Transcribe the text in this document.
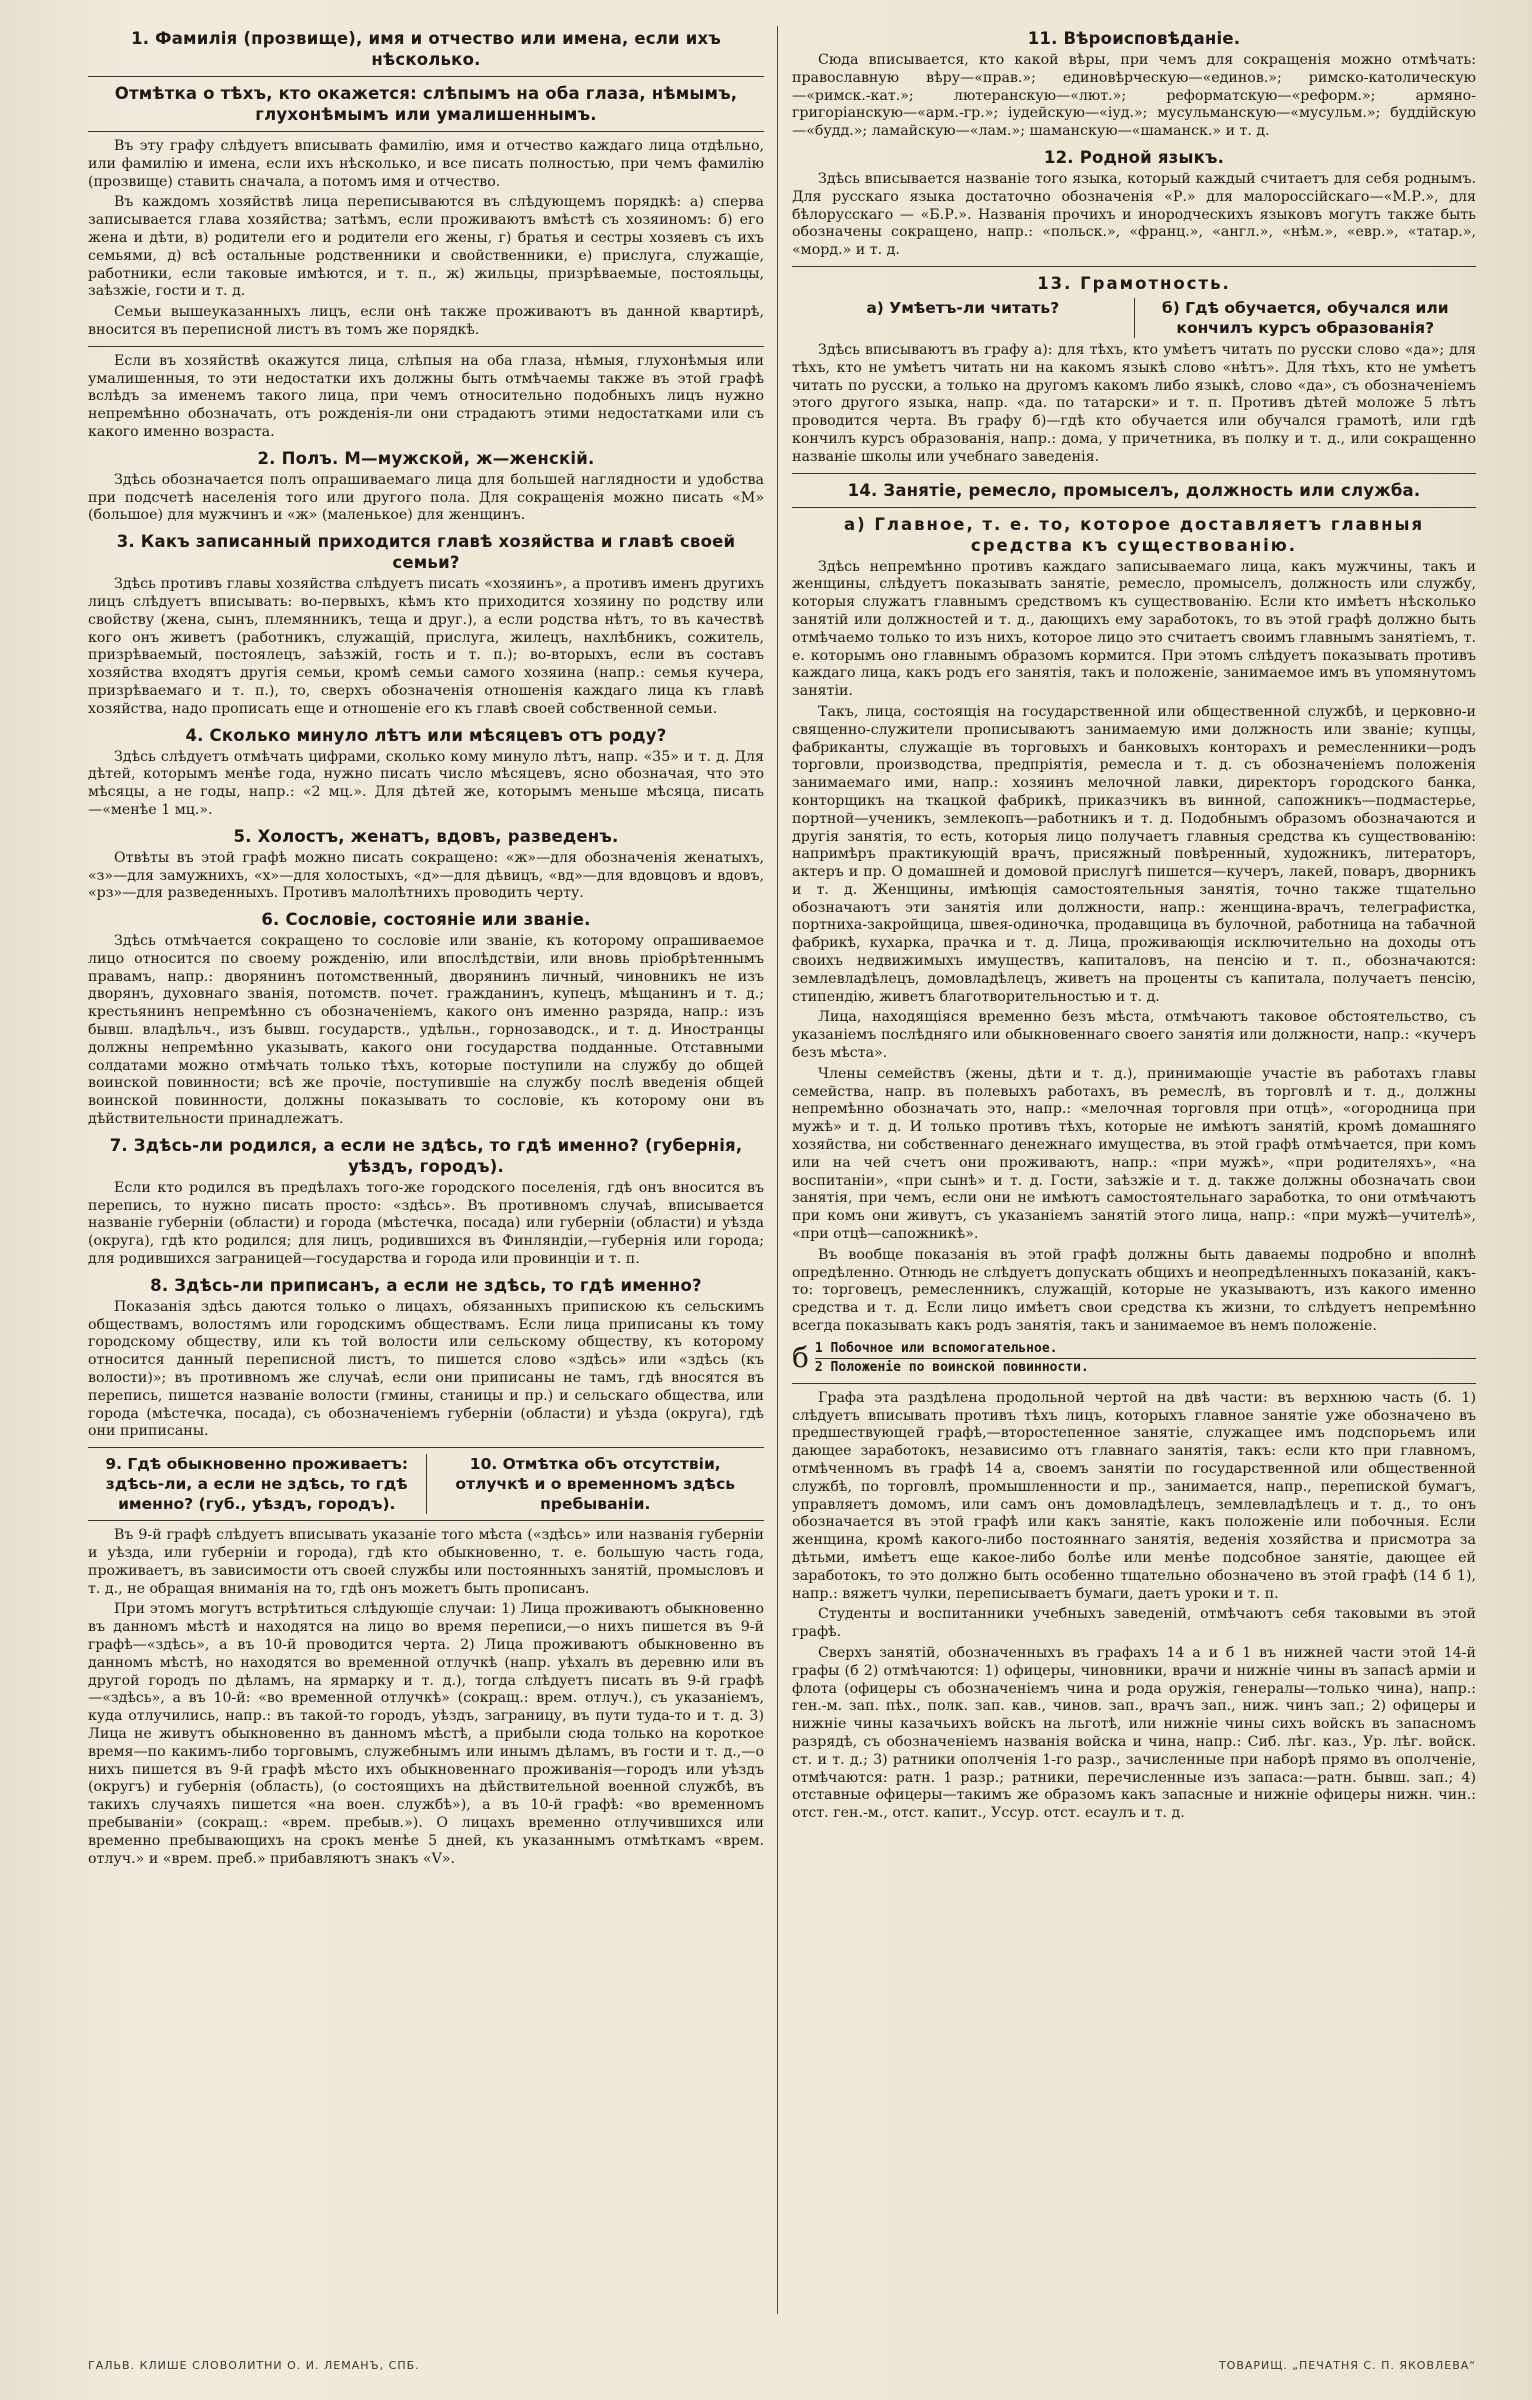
1. Фамилія (прозвище), имя и отчество или имена, если ихъ нѣсколько.
Отмѣтка о тѣхъ, кто окажется: слѣпымъ на оба глаза, нѣмымъ, глухонѣмымъ или умалишеннымъ.

Въ эту графу слѣдуетъ вписывать фамилію, имя и отчество каждаго лица отдѣльно, или фамилію и имена, если ихъ нѣсколько, и все писать полностью, при чемъ фамилію (прозвище) ставить сначала, а потомъ имя и отчество.

Въ каждомъ хозяйствѣ лица переписываются въ слѣдующемъ порядкѣ: а) сперва записывается глава хозяйства; затѣмъ, если проживаютъ вмѣстѣ съ хозяиномъ: б) его жена и дѣти, в) родители его и родители его жены, г) братья и сестры хозяевъ съ ихъ семьями, д) всѣ остальные родственники и свойственники, е) прислуга, служащіе, работники, если таковые имѣются, и т. п., ж) жильцы, призрѣваемые, постояльцы, заѣзжіе, гости и т. д.

Семьи вышеуказанныхъ лицъ, если онѣ также проживаютъ въ данной квартирѣ, вносится въ переписной листъ въ томъ же порядкѣ.

Если въ хозяйствѣ окажутся лица, слѣпыя на оба глаза, нѣмыя, глухонѣмыя или умалишенныя, то эти недостатки ихъ должны быть отмѣчаемы также въ этой графѣ вслѣдъ за именемъ такого лица, при чемъ относительно подобныхъ лицъ нужно непремѣнно обозначать, отъ рожденія-ли они страдаютъ этими недостатками или съ какого именно возраста.

2. Полъ. М—мужской, ж—женскій.

Здѣсь обозначается полъ опрашиваемаго лица для большей наглядности и удобства при подсчетѣ населенія того или другого пола. Для сокращенія можно писать «М» (большое) для мужчинъ и «ж» (маленькое) для женщинъ.

3. Какъ записанный приходится главѣ хозяйства и главѣ своей семьи?

Здѣсь противъ главы хозяйства слѣдуетъ писать «хозяинъ», а противъ именъ другихъ лицъ слѣдуетъ вписывать: во-первыхъ, кѣмъ кто приходится хозяину по родству или свойству (жена, сынъ, племянникъ, теща и друг.), а если родства нѣтъ, то въ качествѣ кого онъ живетъ (работникъ, служащій, прислуга, жилецъ, нахлѣбникъ, сожитель, призрѣваемый, постоялецъ, заѣзжій, гость и т. п.); во-вторыхъ, если въ составъ хозяйства входятъ другія семьи, кромѣ семьи самого хозяина (напр.: семья кучера, призрѣваемаго и т. п.), то, сверхъ обозначенія отношенія каждаго лица къ главѣ хозяйства, надо прописать еще и отношеніе его къ главѣ своей собственной семьи.

4. Сколько минуло лѣтъ или мѣсяцевъ отъ роду?

Здѣсь слѣдуетъ отмѣчать цифрами, сколько кому минуло лѣтъ, напр. «35» и т. д. Для дѣтей, которымъ менѣе года, нужно писать число мѣсяцевъ, ясно обозначая, что это мѣсяцы, а не годы, напр.: «2 мц.». Для дѣтей же, которымъ меньше мѣсяца, писать—«менѣе 1 мц.».

5. Холостъ, женатъ, вдовъ, разведенъ.

Отвѣты въ этой графѣ можно писать сокращено: «ж»—для обозначенія женатыхъ, «з»—для замужнихъ, «х»—для холостыхъ, «д»—для дѣвицъ, «вд»—для вдовцовъ и вдовъ, «рз»—для разведенныхъ. Противъ малолѣтнихъ проводить черту.

6. Сословіе, состояніе или званіе.

Здѣсь отмѣчается сокращено то сословіе или званіе, къ которому опрашиваемое лицо относится по своему рожденію, или впослѣдствіи, или вновь пріобрѣтеннымъ правамъ, напр.: дворянинъ потомственный, дворянинъ личный, чиновникъ не изъ дворянъ, духовнаго званія, потомств. почет. гражданинъ, купецъ, мѣщанинъ и т. д.; крестьянинъ непремѣнно съ обозначеніемъ, какого онъ именно разряда, напр.: изъ бывш. владѣльч., изъ бывш. государств., удѣльн., горнозаводск., и т. д. Иностранцы должны непремѣнно указывать, какого они государства подданные. Отставными солдатами можно отмѣчать только тѣхъ, которые поступили на службу до общей воинской повинности; всѣ же прочіе, поступившіе на службу послѣ введенія общей воинской повинности, должны показывать то сословіе, къ которому они въ дѣйствительности принадлежатъ.

7. Здѣсь-ли родился, а если не здѣсь, то гдѣ именно? (губернія, уѣздъ, городъ).

Если кто родился въ предѣлахъ того-же городского поселенія, гдѣ онъ вносится въ перепись, то нужно писать просто: «здѣсь». Въ противномъ случаѣ, вписывается названіе губерніи (области) и города (мѣстечка, посада) или губерніи (области) и уѣзда (округа), гдѣ кто родился; для лицъ, родившихся въ Финляндіи,—губернія или города; для родившихся заграницей—государства и города или провинціи и т. п.

8. Здѣсь-ли приписанъ, а если не здѣсь, то гдѣ именно?

Показанія здѣсь даются только о лицахъ, обязанныхъ припискою къ сельскимъ обществамъ, волостямъ или городскимъ обществамъ. Если лица приписаны къ тому городскому обществу, или къ той волости или сельскому обществу, къ которому относится данный переписной листъ, то пишется слово «здѣсь» или «здѣсь (къ волости)»; въ противномъ же случаѣ, если они приписаны не тамъ, гдѣ вносятся въ перепись, пишется названіе волости (гмины, станицы и пр.) и сельскаго общества, или города (мѣстечка, посада), съ обозначеніемъ губерніи (области) и уѣзда (округа), гдѣ они приписаны.

9. Гдѣ обыкновенно проживаетъ: здѣсь-ли, а если не здѣсь, то гдѣ именно? (губ., уѣздъ, городъ).
10. Отмѣтка объ отсутствіи, отлучкѣ и о временномъ здѣсь пребываніи.

Въ 9-й графѣ слѣдуетъ вписывать указаніе того мѣста («здѣсь» или названія губерніи и уѣзда, или губерніи и города), гдѣ кто обыкновенно, т. е. большую часть года, проживаетъ, въ зависимости отъ своей службы или постоянныхъ занятій, промысловъ и т. д., не обращая вниманія на то, гдѣ онъ можетъ быть прописанъ.

При этомъ могутъ встрѣтиться слѣдующіе случаи: 1) Лица проживаютъ обыкновенно въ данномъ мѣстѣ и находятся на лицо во время переписи,—о нихъ пишется въ 9-й графѣ—«здѣсь», а въ 10-й проводится черта. 2) Лица проживаютъ обыкновенно въ данномъ мѣстѣ, но находятся во временной отлучкѣ (напр. уѣхалъ въ деревню или въ другой городъ по дѣламъ, на ярмарку и т. д.), тогда слѣдуетъ писать въ 9-й графѣ—«здѣсь», а въ 10-й: «во временной отлучкѣ» (сокращ.: врем. отлуч.), съ указаніемъ, куда отлучились, напр.: въ такой-то городъ, уѣздъ, заграницу, въ пути туда-то и т. д. 3) Лица не живутъ обыкновенно въ данномъ мѣстѣ, а прибыли сюда только на короткое время—по какимъ-либо торговымъ, служебнымъ или инымъ дѣламъ, въ гости и т. д.,—о нихъ пишется въ 9-й графѣ мѣсто ихъ обыкновеннаго проживанія—городъ или уѣздъ (округъ) и губернія (область), (о состоящихъ на дѣйствительной военной службѣ, въ такихъ случаяхъ пишется «на воен. службѣ»), а въ 10-й графѣ: «во временномъ пребываніи» (сокращ.: «врем. пребыв.»). О лицахъ временно отлучившихся или временно пребывающихъ на срокъ менѣе 5 дней, къ указаннымъ отмѣткамъ «врем. отлуч.» и «врем. преб.» прибавляютъ знакъ «V».

11. Вѣроисповѣданіе.

Сюда вписывается, кто какой вѣры, при чемъ для сокращенія можно отмѣчать: православную вѣру—«прав.»; единовѣрческую—«единов.»; римско-католическую—«римск.-кат.»; лютеранскую—«лют.»; реформатскую—«реформ.»; армяно-григоріанскую—«арм.-гр.»; іудейскую—«іуд.»; мусульманскую—«мусульм.»; буддійскую—«будд.»; ламайскую—«лам.»; шаманскую—«шаманск.» и т. д.

12. Родной языкъ.

Здѣсь вписывается названіе того языка, который каждый считаетъ для себя роднымъ. Для русскаго языка достаточно обозначенія «Р.» для малороссійскаго—«М.Р.», для бѣлорусскаго — «Б.Р.». Названія прочихъ и инородческихъ языковъ могутъ также быть обозначены сокращено, напр.: «польск.», «франц.», «англ.», «нѣм.», «евр.», «татар.», «морд.» и т. д.

13. Грамотность.
а) Умѣетъ-ли читать?	б) Гдѣ обучается, обучался или кончилъ курсъ образованія?

Здѣсь вписываютъ въ графу а): для тѣхъ, кто умѣетъ читать по русски слово «да»; для тѣхъ, кто не умѣетъ читать ни на какомъ языкѣ слово «нѣтъ». Для тѣхъ, кто не умѣетъ читать по русски, а только на другомъ какомъ либо языкѣ, слово «да», съ обозначеніемъ этого другого языка, напр. «да. по татарски» и т. п. Противъ дѣтей моложе 5 лѣтъ проводится черта. Въ графу б)—гдѣ кто обучается или обучался грамотѣ, или гдѣ кончилъ курсъ образованія, напр.: дома, у причетника, въ полку и т. д., или сокращенно названіе школы или учебнаго заведенія.

14. Занятіе, ремесло, промыселъ, должность или служба.
а) Главное, т. е. то, которое доставляетъ главныя средства къ существованію.

Здѣсь непремѣнно противъ каждаго записываемаго лица, какъ мужчины, такъ и женщины, слѣдуетъ показывать занятіе, ремесло, промыселъ, должность или службу, которыя служатъ главнымъ средствомъ къ существованію. Если кто имѣетъ нѣсколько занятій или должностей и т. д., дающихъ ему заработокъ, то въ этой графѣ должно быть отмѣчаемо только то изъ нихъ, которое лицо это считаетъ своимъ главнымъ занятіемъ, т. е. которымъ оно главнымъ образомъ кормится. При этомъ слѣдуетъ показывать противъ каждаго лица, какъ родъ его занятія, такъ и положеніе, занимаемое имъ въ упомянутомъ занятіи.

Такъ, лица, состоящія на государственной или общественной службѣ, и церковно-и священно-служители прописываютъ занимаемую ими должность или званіе; купцы, фабриканты, служащіе въ торговыхъ и банковыхъ конторахъ и ремесленники—родъ торговли, производства, предпріятія, ремесла и т. д. съ обозначеніемъ положенія занимаемаго ими, напр.: хозяинъ мелочной лавки, директоръ городского банка, конторщикъ на ткацкой фабрикѣ, приказчикъ въ винной, сапожникъ—подмастерье, портной—ученикъ, землекопъ—работникъ и т. д. Подобнымъ образомъ обозначаются и другія занятія, то есть, которыя лицо получаетъ главныя средства къ существованію: напримѣръ практикующій врачъ, присяжный повѣренный, художникъ, литераторъ, актеръ и пр. О домашней и домовой прислугѣ пишется—кучеръ, лакей, поваръ, дворникъ и т. д. Женщины, имѣющія самостоятельныя занятія, точно также тщательно обозначаютъ эти занятія или должности, напр.: женщина-врачъ, телеграфистка, портниха-закройщица, швея-одиночка, продавщица въ булочной, работница на табачной фабрикѣ, кухарка, прачка и т. д. Лица, проживающія исключительно на доходы отъ своихъ недвижимыхъ имуществъ, капиталовъ, на пенсію и т. п., обозначаются: землевладѣлецъ, домовладѣлецъ, живетъ на проценты съ капитала, получаетъ пенсію, стипендію, живетъ благотворительностью и т. д.

Лица, находящіяся временно безъ мѣста, отмѣчаютъ таковое обстоятельство, съ указаніемъ послѣдняго или обыкновеннаго своего занятія или должности, напр.: «кучеръ безъ мѣста».

Члены семействъ (жены, дѣти и т. д.), принимающіе участіе въ работахъ главы семейства, напр. въ полевыхъ работахъ, въ ремеслѣ, въ торговлѣ и т. д., должны непремѣнно обозначать это, напр.: «мелочная торговля при отцѣ», «огородница при мужѣ» и т. д. И только противъ тѣхъ, которые не имѣютъ занятій, кромѣ домашняго хозяйства, ни собственнаго денежнаго имущества, въ этой графѣ отмѣчается, при комъ или на чей счетъ они проживаютъ, напр.: «при мужѣ», «при родителяхъ», «на воспитаніи», «при сынѣ» и т. д. Гости, заѣзжіе и т. д. также должны обозначать свои занятія, при чемъ, если они не имѣютъ самостоятельнаго заработка, то они отмѣчаютъ при комъ они живутъ, съ указаніемъ занятій этого лица, напр.: «при мужѣ—учителѣ», «при отцѣ—сапожникѣ».

Въ вообще показанія въ этой графѣ должны быть даваемы подробно и вполнѣ опредѣленно. Отнюдь не слѣдуетъ допускать общихъ и неопредѣленныхъ показаній, какъ-то: торговецъ, ремесленникъ, служащій, которые не указываютъ, изъ какого именно средства и т. д. Если лицо имѣетъ свои средства къ жизни, то слѣдуетъ непремѣнно всегда показывать какъ родъ занятія, такъ и занимаемое въ немъ положеніе.

б 1 Побочное или вспомогательное.
2 Положеніе по воинской повинности.

Графа эта раздѣлена продольной чертой на двѣ части: въ верхнюю часть (б. 1) слѣдуетъ вписывать противъ тѣхъ лицъ, которыхъ главное занятіе уже обозначено въ предшествующей графѣ,—второстепенное занятіе, служащее имъ подспорьемъ или дающее заработокъ, независимо отъ главнаго занятія, такъ: если кто при главномъ, отмѣченномъ въ графѣ 14 а, своемъ занятіи по государственной или общественной службѣ, по торговлѣ, промышленности и пр., занимается, напр., перепиской бумагъ, управляетъ домомъ, или самъ онъ домовладѣлецъ, землевладѣлецъ и т. д., то онъ обозначается въ этой графѣ или какъ занятіе, какъ положеніе или побочныя. Если женщина, кромѣ какого-либо постояннаго занятія, веденія хозяйства и присмотра за дѣтьми, имѣетъ еще какое-либо болѣе или менѣе подсобное занятіе, дающее ей заработокъ, то это должно быть особенно тщательно обозначено въ этой графѣ (14 б 1), напр.: вяжетъ чулки, переписываетъ бумаги, даетъ уроки и т. п.

Студенты и воспитанники учебныхъ заведеній, отмѣчаютъ себя таковыми въ этой графѣ.

Сверхъ занятій, обозначенныхъ въ графахъ 14 а и б 1 въ нижней части этой 14-й графы (б 2) отмѣчаются: 1) офицеры, чиновники, врачи и нижніе чины въ запасѣ арміи и флота (офицеры съ обозначеніемъ чина и рода оружія, генералы—только чина), напр.: ген.-м. зап. пѣх., полк. зап. кав., чинов. зап., врачъ зап., ниж. чинъ зап.; 2) офицеры и нижніе чины казачьихъ войскъ на льготѣ, или нижніе чины сихъ войскъ въ запасномъ разрядѣ, съ обозначеніемъ названія войска и чина, напр.: Сиб. лѣг. каз., Ур. лѣг. войск. ст. и т. д.; 3) ратники ополченія 1-го разр., зачисленные при наборѣ прямо въ ополченіе, отмѣчаются: ратн. 1 разр.; ратники, перечисленные изъ запаса:—ратн. бывш. зап.; 4) отставные офицеры—такимъ же образомъ какъ запасные и нижніе офицеры нижн. чин.: отст. ген.-м., отст. капит., Уссур. отст. есаулъ и т. д.

ГАЛЬВ. КЛИШЕ СЛОВОЛИТНИ О. И. ЛЕМАНЪ, СПБ.	ТОВАРИЩ. „ПЕЧАТНЯ С. П. ЯКОВЛЕВА“
